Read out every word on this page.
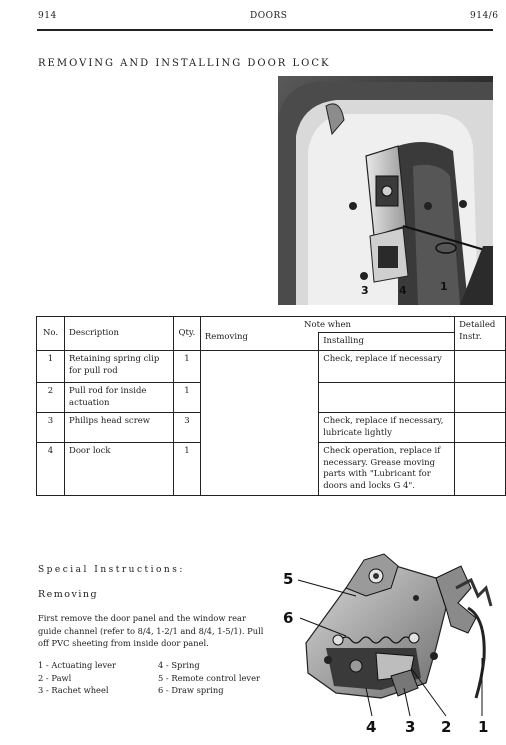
914	DOORS	914/6
REMOVING AND INSTALLING DOOR LOCK
3	4	1
No.	Description	Qty.	Note when		Detailed
Instr.
			Removing	Installing	
1	Retaining spring clip for pull rod	1		Check, replace if necessary	
2	Pull rod for inside actuation	1			
3	Philips head screw	3		Check, replace if necessary, lubricate lightly	
4	Door lock	1		Check operation, replace if necessary. Grease moving parts with "Lubricant for doors and locks G 4".	
Special Instructions:
Removing
First remove the door panel and the window rear guide channel (refer to 8/4, 1-2/1 and 8/4, 1-5/1). Pull off PVC sheeting from inside door panel.
1 - Actuating lever
2 - Pawl
3 - Rachet wheel
4 - Spring
5 - Remote control lever
6 - Draw spring
5
6
4 3 2 1
